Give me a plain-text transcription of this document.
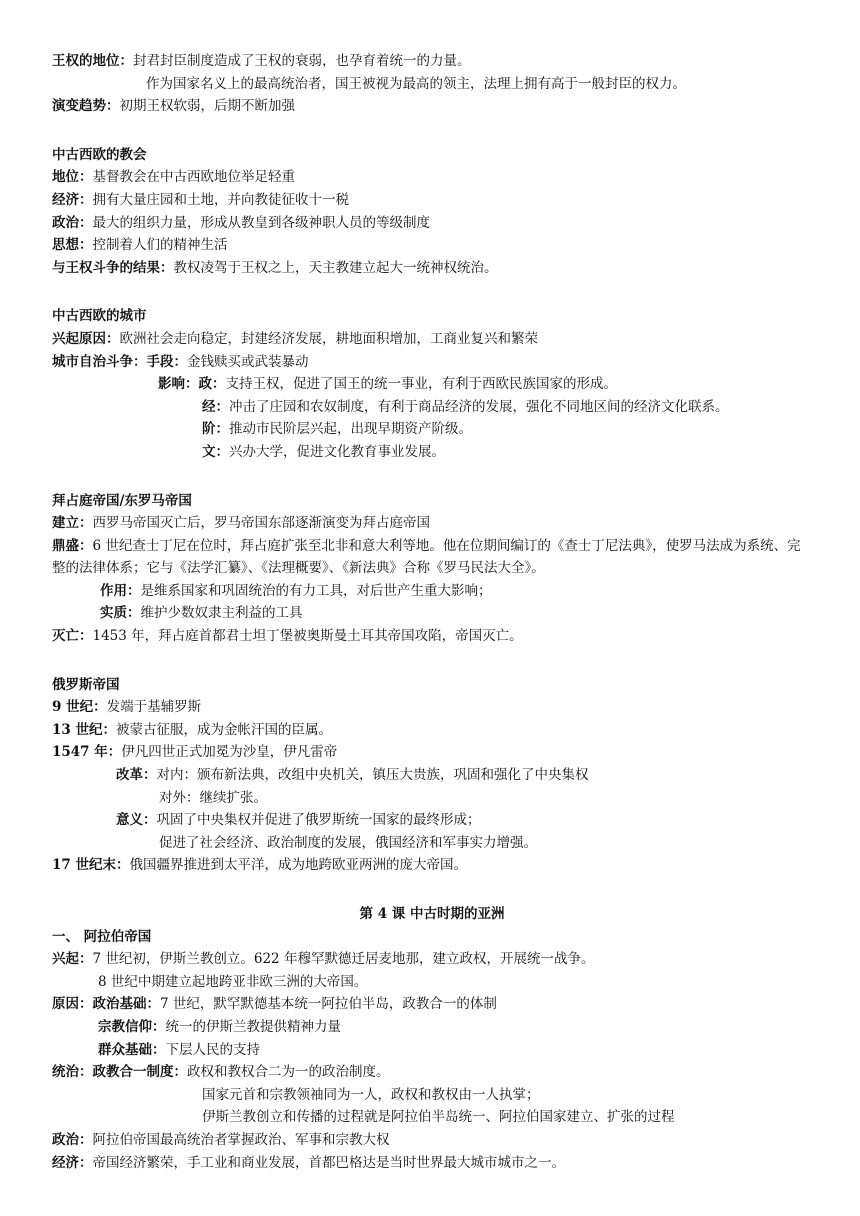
王权的地位：封君封臣制度造成了王权的衰弱，也孕育着统一的力量。
作为国家名义上的最高统治者，国王被视为最高的领主，法理上拥有高于一般封臣的权力。
演变趋势：初期王权软弱，后期不断加强
中古西欧的教会
地位：基督教会在中古西欧地位举足轻重
经济：拥有大量庄园和土地，并向教徒征收十一税
政治：最大的组织力量，形成从教皇到各级神职人员的等级制度
思想：控制着人们的精神生活
与王权斗争的结果：教权凌驾于王权之上，天主教建立起大一统神权统治。
中古西欧的城市
兴起原因：欧洲社会走向稳定，封建经济发展，耕地面积增加，工商业复兴和繁荣
城市自治斗争：手段：金钱赎买或武装暴动
影响：政：支持王权，促进了国王的统一事业，有利于西欧民族国家的形成。
经：冲击了庄园和农奴制度，有利于商品经济的发展，强化不同地区间的经济文化联系。
阶：推动市民阶层兴起，出现早期资产阶级。
文：兴办大学，促进文化教育事业发展。
拜占庭帝国/东罗马帝国
建立：西罗马帝国灭亡后，罗马帝国东部逐渐演变为拜占庭帝国
鼎盛：6 世纪查士丁尼在位时，拜占庭扩张至北非和意大利等地。他在位期间编订的《查士丁尼法典》，使罗马法成为系统、完整的法律体系；它与《法学汇纂》、《法理概要》、《新法典》合称《罗马民法大全》。
作用：是维系国家和巩固统治的有力工具，对后世产生重大影响；
实质：维护少数奴隶主利益的工具
灭亡：1453 年，拜占庭首都君士坦丁堡被奥斯曼土耳其帝国攻陷，帝国灭亡。
俄罗斯帝国
9 世纪：发端于基辅罗斯
13 世纪：被蒙古征服，成为金帐汗国的臣属。
1547 年：伊凡四世正式加冕为沙皇，伊凡雷帝
改革：对内：颁布新法典，改组中央机关，镇压大贵族，巩固和强化了中央集权
对外：继续扩张。
意义：巩固了中央集权并促进了俄罗斯统一国家的最终形成；
促进了社会经济、政治制度的发展，俄国经济和军事实力增强。
17 世纪末：俄国疆界推进到太平洋，成为地跨欧亚两洲的庞大帝国。
第 4 课 中古时期的亚洲
一、 阿拉伯帝国
兴起：7 世纪初，伊斯兰教创立。622 年穆罕默德迁居麦地那，建立政权，开展统一战争。
8 世纪中期建立起地跨亚非欧三洲的大帝国。
原因：政治基础：7 世纪，默罕默德基本统一阿拉伯半岛，政教合一的体制
宗教信仰：统一的伊斯兰教提供精神力量
群众基础：下层人民的支持
统治：政教合一制度：政权和教权合二为一的政治制度。
国家元首和宗教领袖同为一人，政权和教权由一人执掌；
伊斯兰教创立和传播的过程就是阿拉伯半岛统一、阿拉伯国家建立、扩张的过程
政治：阿拉伯帝国最高统治者掌握政治、军事和宗教大权
经济：帝国经济繁荣，手工业和商业发展，首都巴格达是当时世界最大城市城市之一。
